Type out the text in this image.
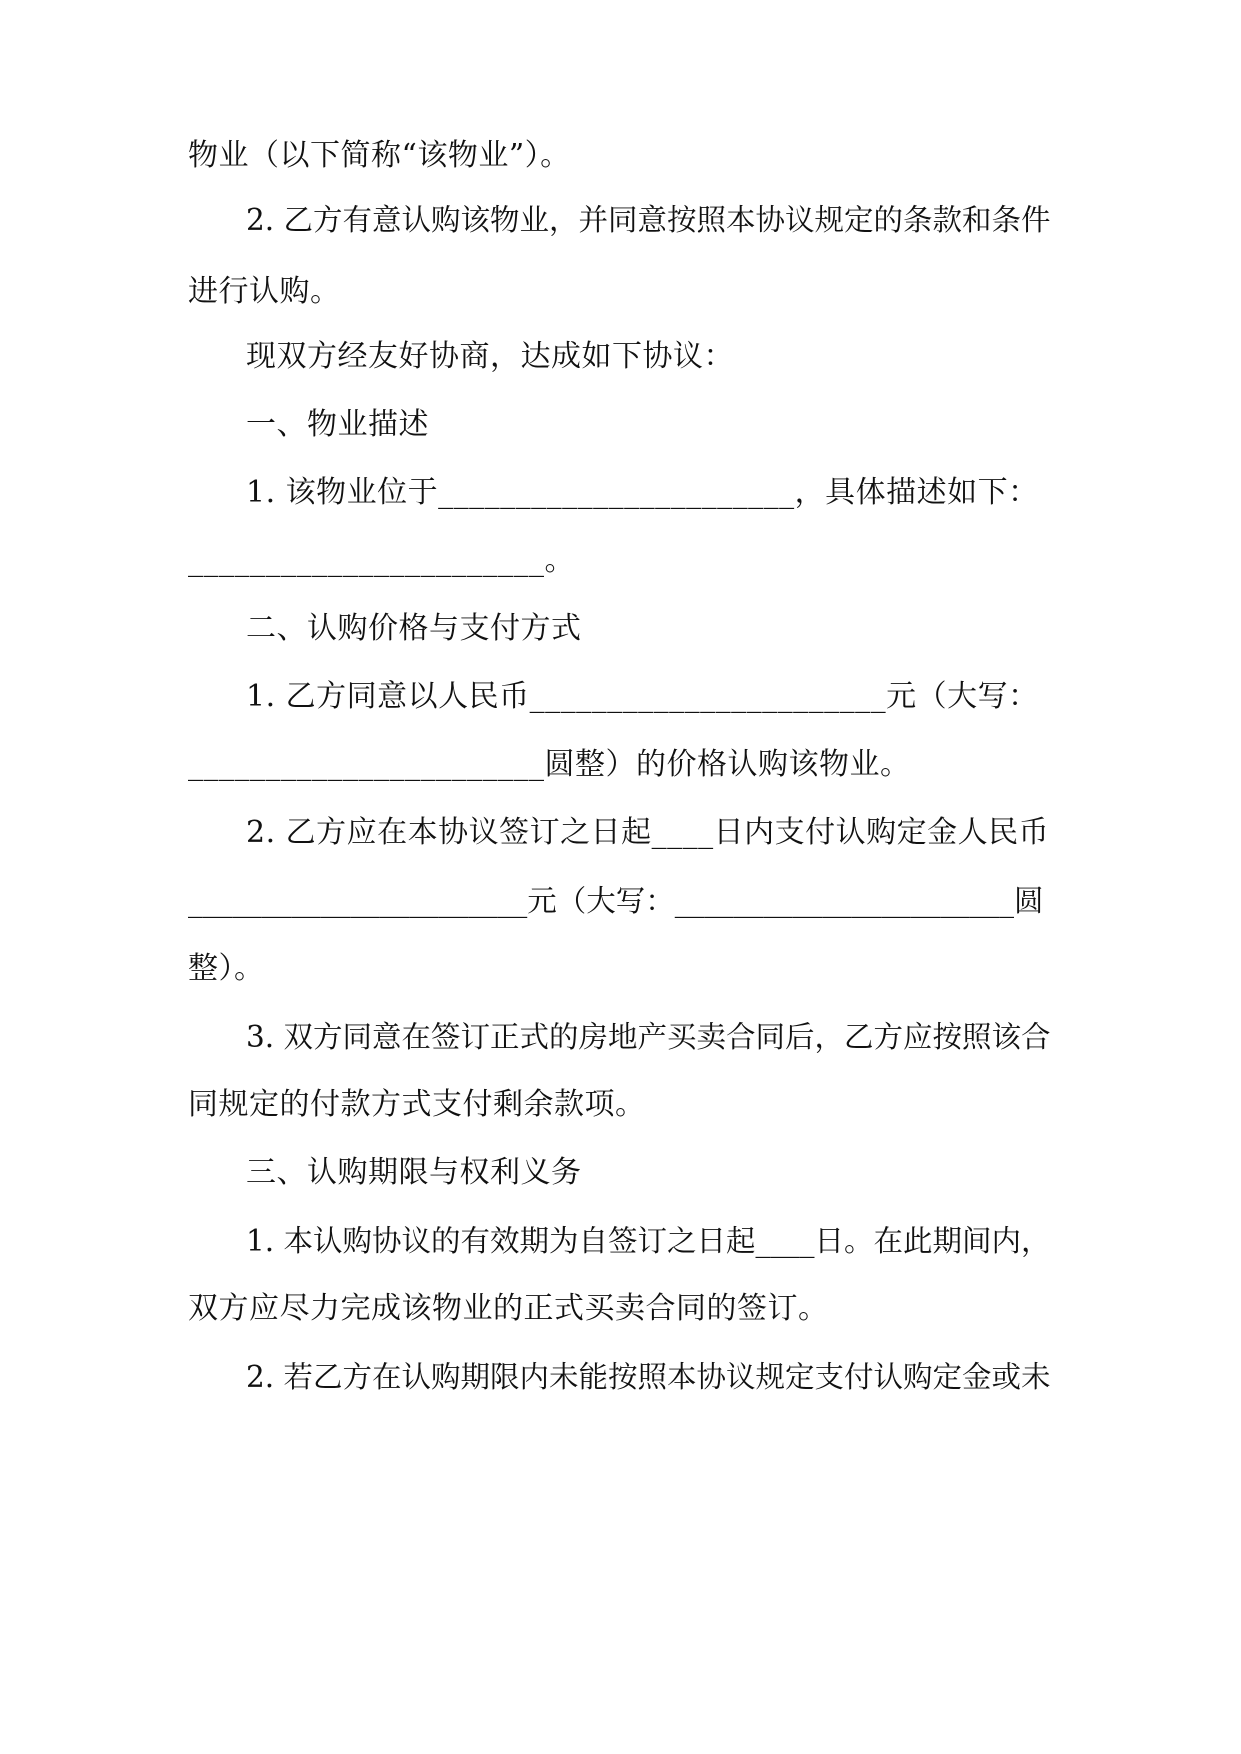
物业（以下简称“该物业”）。
2. 乙方有意认购该物业，并同意按照本协议规定的条款和条件
进行认购。
现双方经友好协商，达成如下协议：
一、物业描述
1. 该物业位于_______________________，具体描述如下：
_______________________。
二、认购价格与支付方式
1. 乙方同意以人民币_______________________元（大写：
_______________________圆整）的价格认购该物业。
2. 乙方应在本协议签订之日起____日内支付认购定金人民币
_______________________元（大写：_______________________圆
整）。
3. 双方同意在签订正式的房地产买卖合同后，乙方应按照该合
同规定的付款方式支付剩余款项。
三、认购期限与权利义务
1. 本认购协议的有效期为自签订之日起____日。在此期间内，
双方应尽力完成该物业的正式买卖合同的签订。
2. 若乙方在认购期限内未能按照本协议规定支付认购定金或未
